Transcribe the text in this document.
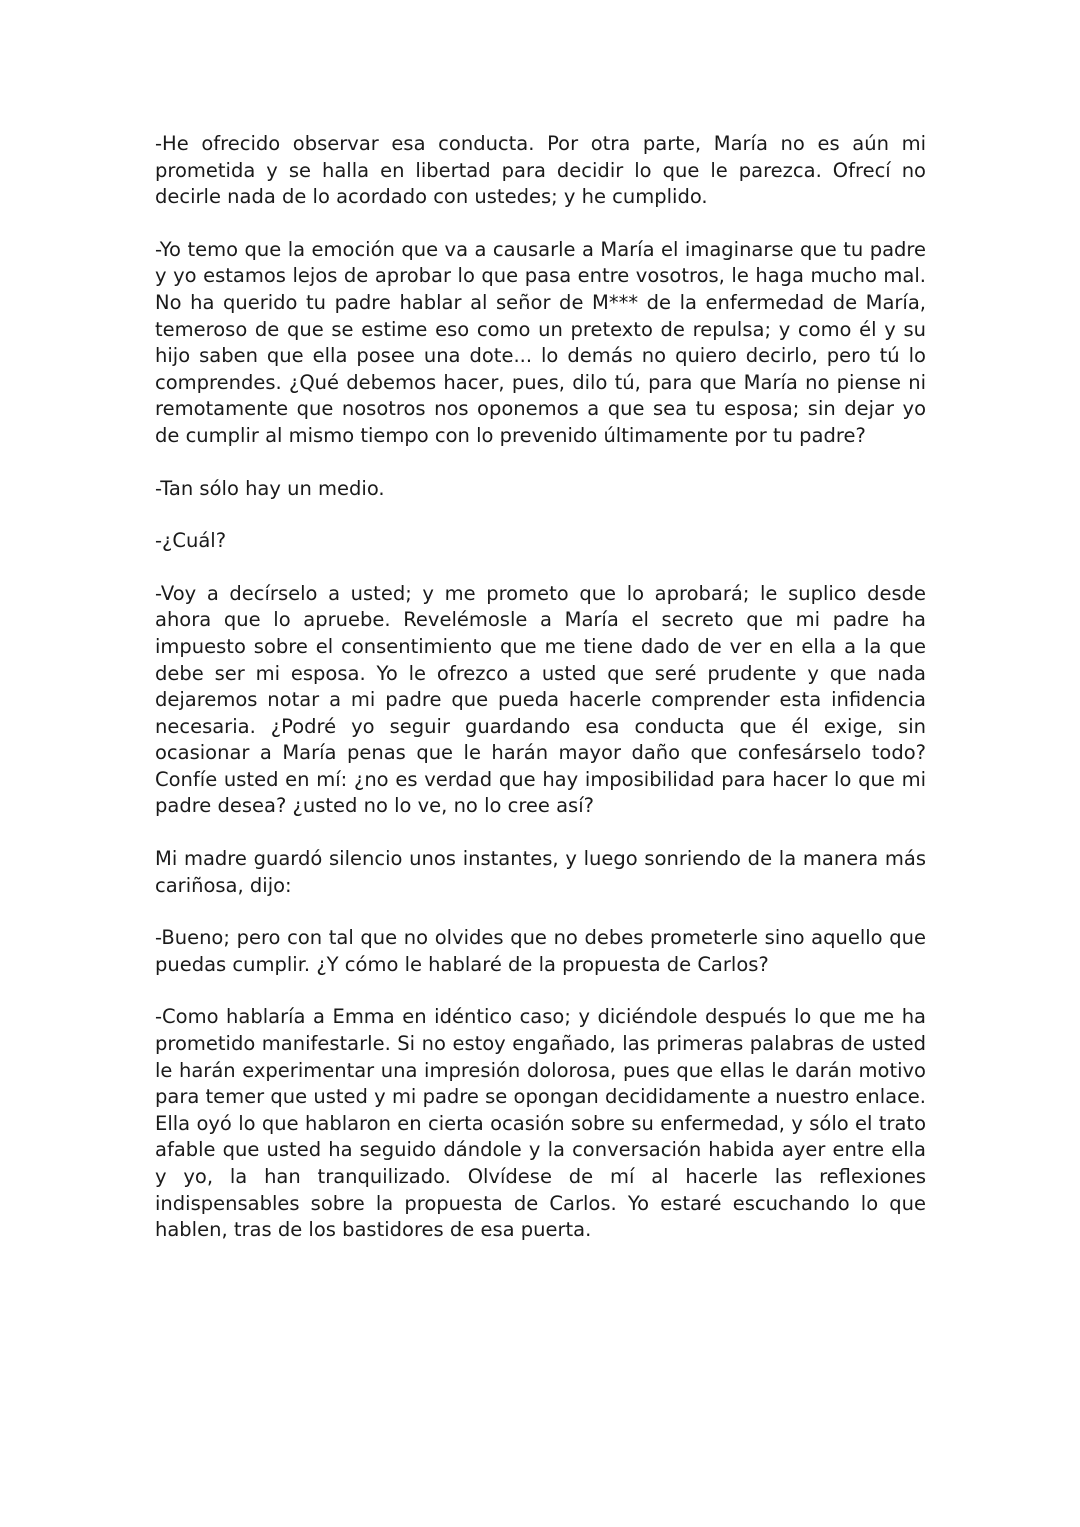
-He ofrecido observar esa conducta. Por otra parte, María no es aún mi prometida y se halla en libertad para decidir lo que le parezca. Ofrecí no decirle nada de lo acordado con ustedes; y he cumplido.

-Yo temo que la emoción que va a causarle a María el imaginarse que tu padre y yo estamos lejos de aprobar lo que pasa entre vosotros, le haga mucho mal. No ha querido tu padre hablar al señor de M*** de la enfermedad de María, temeroso de que se estime eso como un pretexto de repulsa; y como él y su hijo saben que ella posee una dote... lo demás no quiero decirlo, pero tú lo comprendes. ¿Qué debemos hacer, pues, dilo tú, para que María no piense ni remotamente que nosotros nos oponemos a que sea tu esposa; sin dejar yo de cumplir al mismo tiempo con lo prevenido últimamente por tu padre?

-Tan sólo hay un medio.

-¿Cuál?

-Voy a decírselo a usted; y me prometo que lo aprobará; le suplico desde ahora que lo apruebe. Revelémosle a María el secreto que mi padre ha impuesto sobre el consentimiento que me tiene dado de ver en ella a la que debe ser mi esposa. Yo le ofrezco a usted que seré prudente y que nada dejaremos notar a mi padre que pueda hacerle comprender esta infidencia necesaria. ¿Podré yo seguir guardando esa conducta que él exige, sin ocasionar a María penas que le harán mayor daño que confesárselo todo? Confíe usted en mí: ¿no es verdad que hay imposibilidad para hacer lo que mi padre desea? ¿usted no lo ve, no lo cree así?

Mi madre guardó silencio unos instantes, y luego sonriendo de la manera más cariñosa, dijo:

-Bueno; pero con tal que no olvides que no debes prometerle sino aquello que puedas cumplir. ¿Y cómo le hablaré de la propuesta de Carlos?

-Como hablaría a Emma en idéntico caso; y diciéndole después lo que me ha prometido manifestarle. Si no estoy engañado, las primeras palabras de usted le harán experimentar una impresión dolorosa, pues que ellas le darán motivo para temer que usted y mi padre se opongan decididamente a nuestro enlace. Ella oyó lo que hablaron en cierta ocasión sobre su enfermedad, y sólo el trato afable que usted ha seguido dándole y la conversación habida ayer entre ella y yo, la han tranquilizado. Olvídese de mí al hacerle las reflexiones indispensables sobre la propuesta de Carlos. Yo estaré escuchando lo que hablen, tras de los bastidores de esa puerta.
